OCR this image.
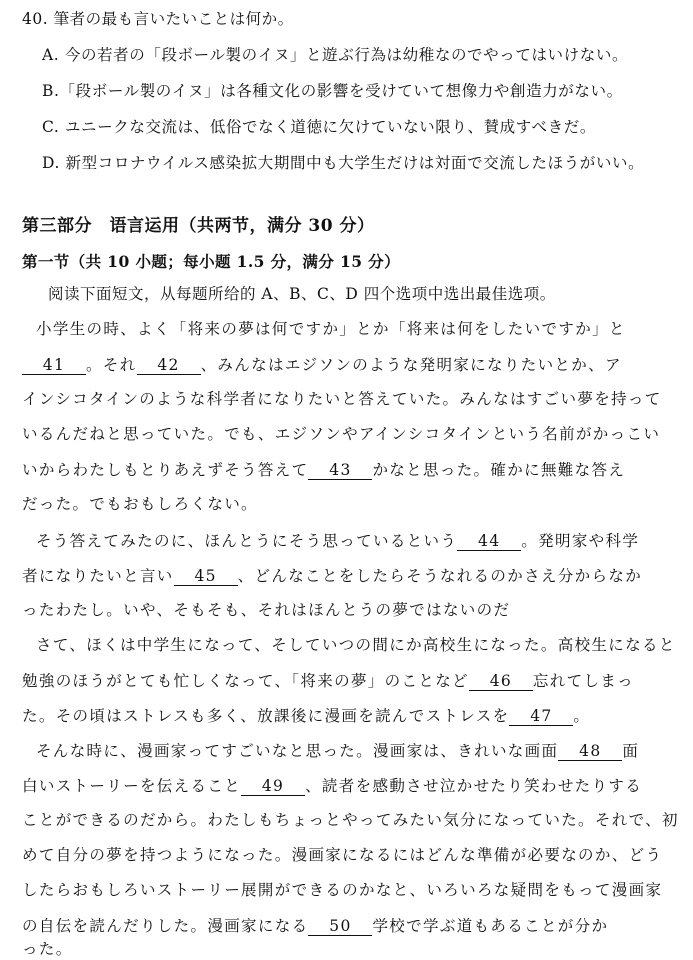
40. 筆者の最も言いたいことは何か。
A. 今の若者の「段ボール製のイヌ」と遊ぶ行為は幼稚なのでやってはいけない。
B.「段ボール製のイヌ」は各種文化の影響を受けていて想像力や創造力がない。
C. ユニークな交流は、低俗でなく道徳に欠けていない限り、賛成すべきだ。
D. 新型コロナウイルス感染拡大期間中も大学生だけは対面で交流したほうがいい。
第三部分　语言运用（共两节，满分 30 分）
第一节（共 10 小题；每小题 1.5 分，满分 15 分）
阅读下面短文，从每题所给的 A、B、C、D 四个选项中选出最佳选项。
小学生の時、よく「将来の夢は何ですか」とか「将来は何をしたいですか」と
41 。それ 42 、みんなはエジソンのような発明家になりたいとか、ア
インシコタインのような科学者になりたいと答えていた。みんなはすごい夢を持って
いるんだねと思っていた。でも、エジソンやアインシコタインという名前がかっこい
いからわたしもとりあえずそう答えて 43 かなと思った。確かに無難な答え
だった。でもおもしろくない。
そう答えてみたのに、ほんとうにそう思っているという 44 。発明家や科学
者になりたいと言い 45 、どんなことをしたらそうなれるのかさえ分からなか
ったわたし。いや、そもそも、それはほんとうの夢ではないのだ
さて、ほくは中学生になって、そしていつの間にか高校生になった。高校生になると
勉強のほうがとても忙しくなって、「将来の夢」のことなど 46 忘れてしまっ
た。その頃はストレスも多く、放課後に漫画を読んでストレスを 47 。
そんな時に、漫画家ってすごいなと思った。漫画家は、きれいな画面 48 面
白いストーリーを伝えること 49 、読者を感動させ泣かせたり笑わせたりする
ことができるのだから。わたしもちょっとやってみたい気分になっていた。それで、初
めて自分の夢を持つようになった。漫画家になるにはどんな準備が必要なのか、どう
したらおもしろいストーリー展開ができるのかなと、いろいろな疑問をもって漫画家
の自伝を読んだりした。漫画家になる 50 学校で学ぶ道もあることが分か
った。
